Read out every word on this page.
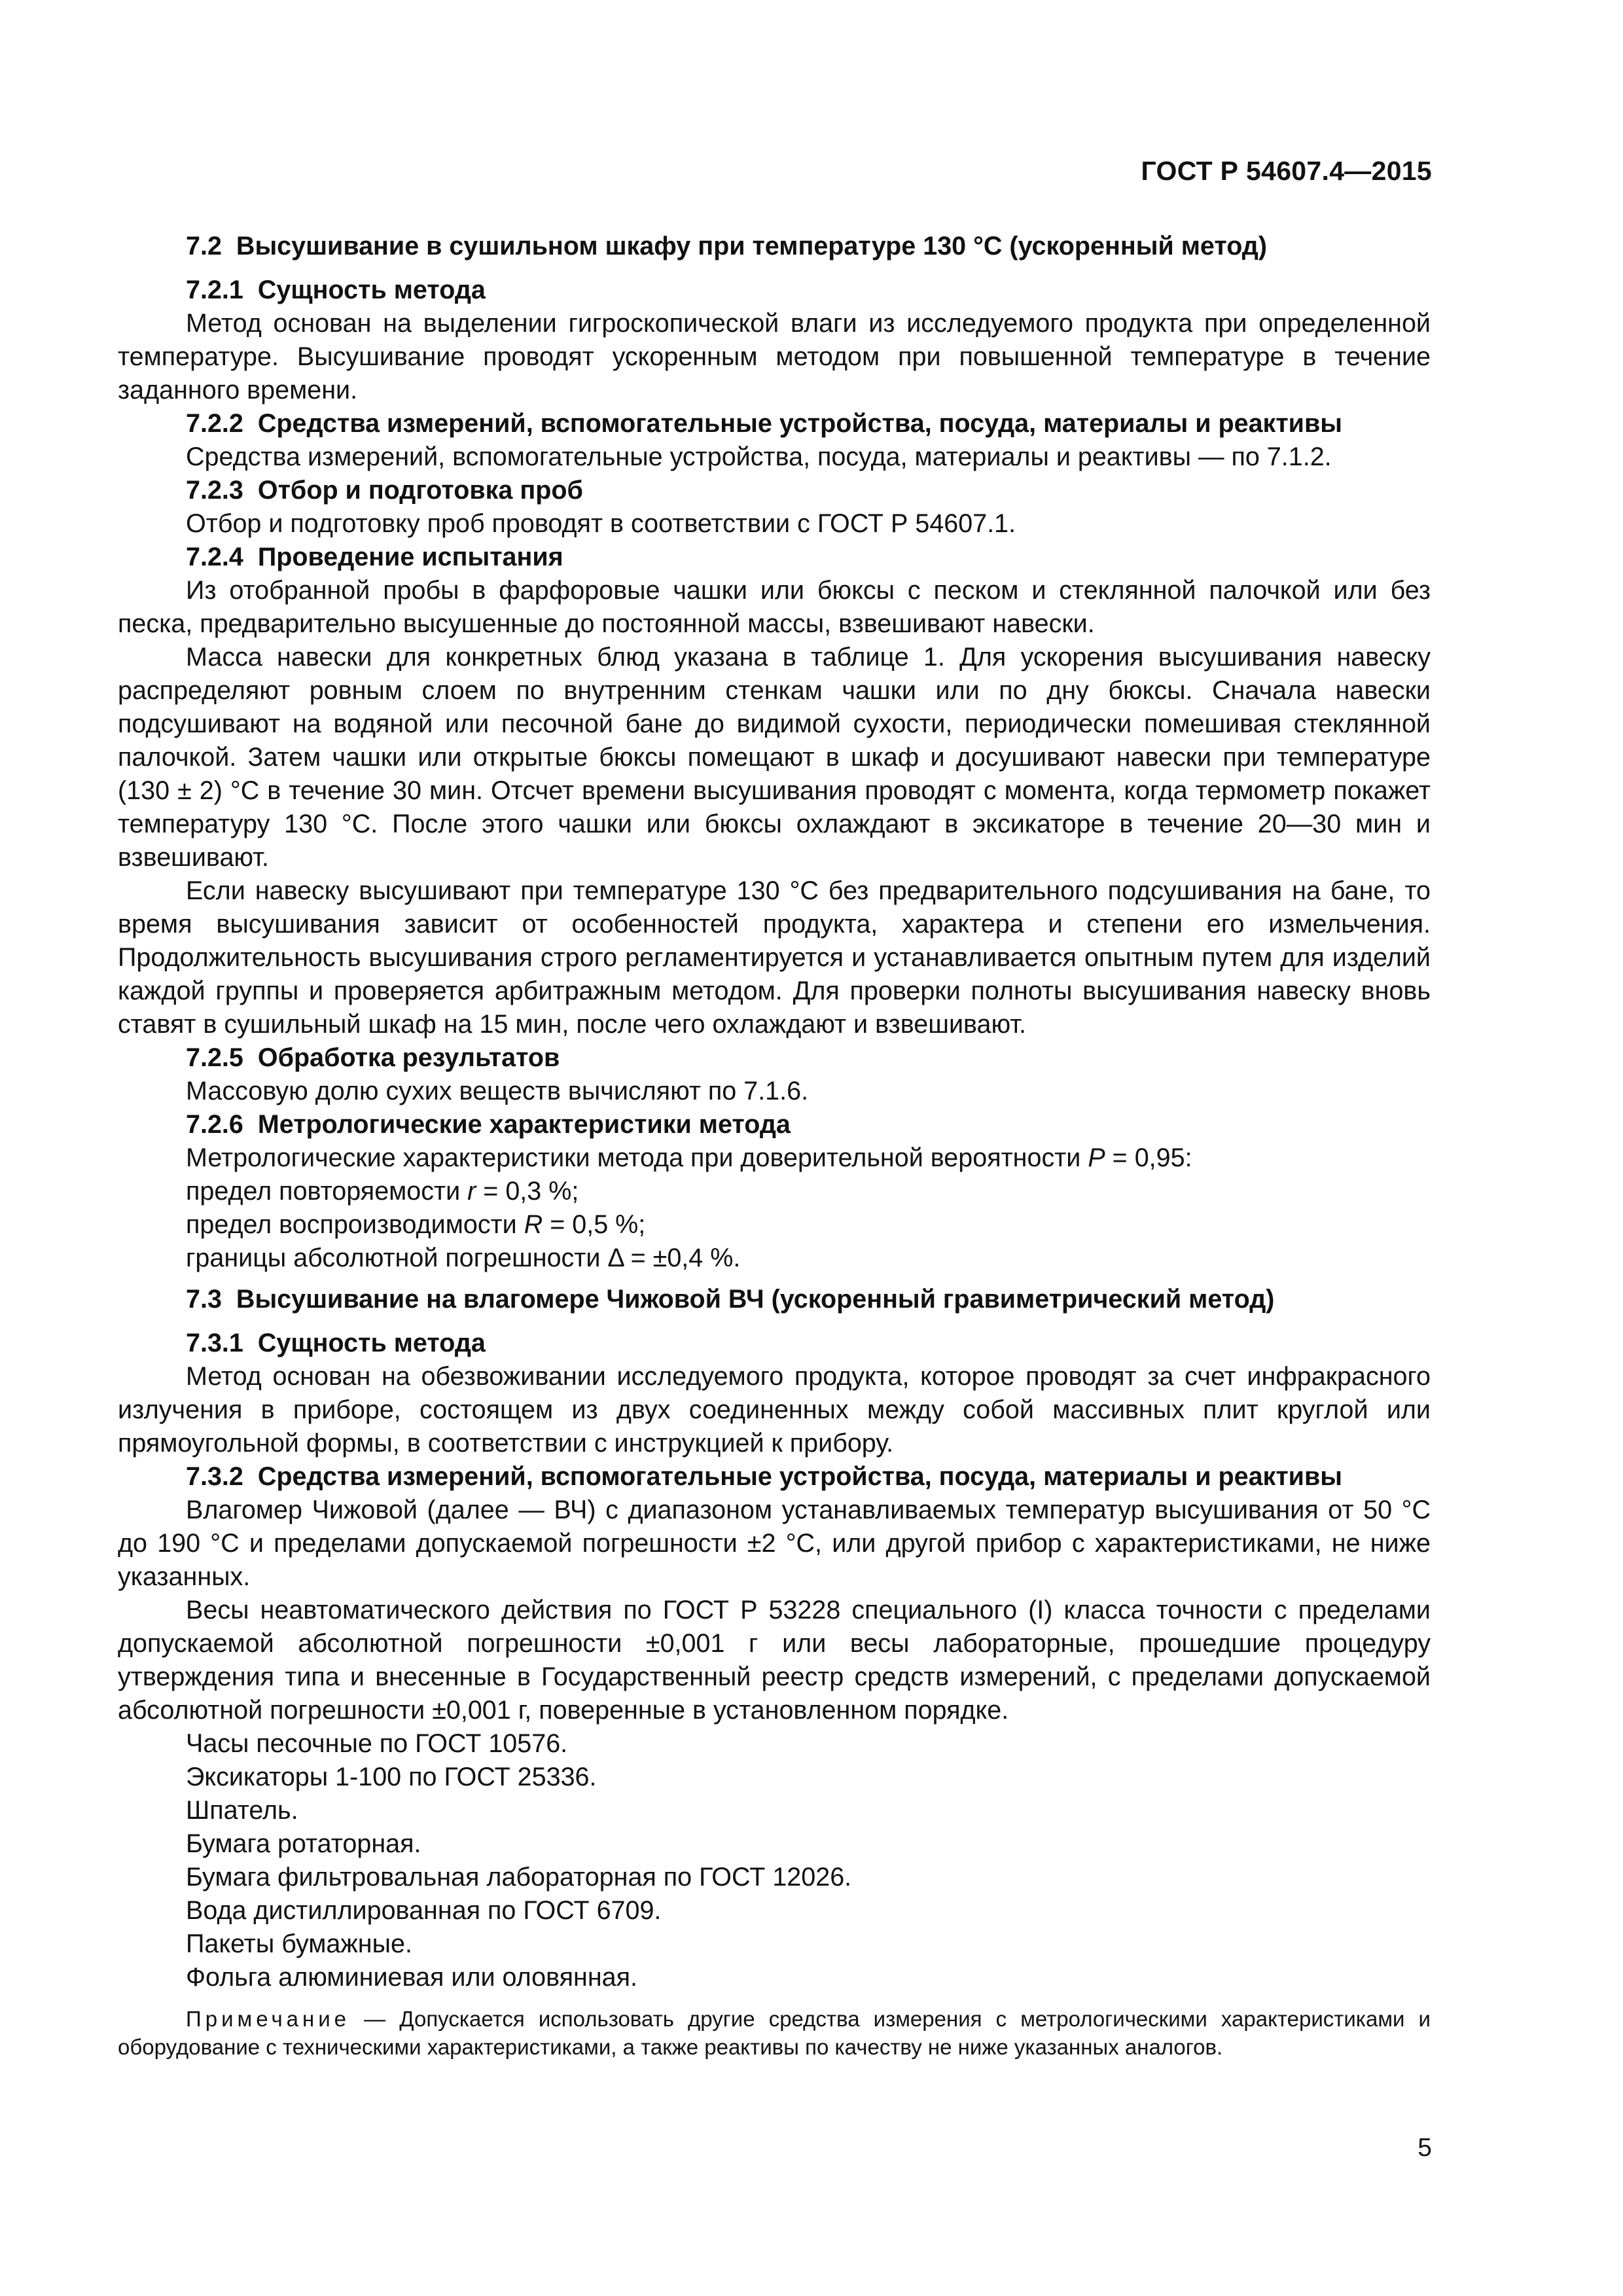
ГОСТ Р 54607.4—2015
7.2 Высушивание в сушильном шкафу при температуре 130 °С (ускоренный метод)
7.2.1 Сущность метода
Метод основан на выделении гигроскопической влаги из исследуемого продукта при определенной температуре. Высушивание проводят ускоренным методом при повышенной температуре в течение заданного времени.
7.2.2 Средства измерений, вспомогательные устройства, посуда, материалы и реактивы
Средства измерений, вспомогательные устройства, посуда, материалы и реактивы — по 7.1.2.
7.2.3 Отбор и подготовка проб
Отбор и подготовку проб проводят в соответствии с ГОСТ Р 54607.1.
7.2.4 Проведение испытания
Из отобранной пробы в фарфоровые чашки или бюксы с песком и стеклянной палочкой или без песка, предварительно высушенные до постоянной массы, взвешивают навески.
Масса навески для конкретных блюд указана в таблице 1. Для ускорения высушивания навеску распределяют ровным слоем по внутренним стенкам чашки или по дну бюксы. Сначала навески подсушивают на водяной или песочной бане до видимой сухости, периодически помешивая стеклянной палочкой. Затем чашки или открытые бюксы помещают в шкаф и досушивают навески при температуре (130 ± 2) °С в течение 30 мин. Отсчет времени высушивания проводят с момента, когда термометр покажет температуру 130 °С. После этого чашки или бюксы охлаждают в эксикаторе в течение 20—30 мин и взвешивают.
Если навеску высушивают при температуре 130 °С без предварительного подсушивания на бане, то время высушивания зависит от особенностей продукта, характера и степени его измельчения. Продолжительность высушивания строго регламентируется и устанавливается опытным путем для изделий каждой группы и проверяется арбитражным методом. Для проверки полноты высушивания навеску вновь ставят в сушильный шкаф на 15 мин, после чего охлаждают и взвешивают.
7.2.5 Обработка результатов
Массовую долю сухих веществ вычисляют по 7.1.6.
7.2.6 Метрологические характеристики метода
Метрологические характеристики метода при доверительной вероятности P = 0,95:
предел повторяемости r = 0,3 %;
предел воспроизводимости R = 0,5 %;
границы абсолютной погрешности Δ = ±0,4 %.
7.3 Высушивание на влагомере Чижовой ВЧ (ускоренный гравиметрический метод)
7.3.1 Сущность метода
Метод основан на обезвоживании исследуемого продукта, которое проводят за счет инфракрасного излучения в приборе, состоящем из двух соединенных между собой массивных плит круглой или прямоугольной формы, в соответствии с инструкцией к прибору.
7.3.2 Средства измерений, вспомогательные устройства, посуда, материалы и реактивы
Влагомер Чижовой (далее — ВЧ) с диапазоном устанавливаемых температур высушивания от 50 °С до 190 °С и пределами допускаемой погрешности ±2 °С, или другой прибор с характеристиками, не ниже указанных.
Весы неавтоматического действия по ГОСТ Р 53228 специального (I) класса точности с пределами допускаемой абсолютной погрешности ±0,001 г или весы лабораторные, прошедшие процедуру утверждения типа и внесенные в Государственный реестр средств измерений, с пределами допускаемой абсолютной погрешности ±0,001 г, поверенные в установленном порядке.
Часы песочные по ГОСТ 10576.
Эксикаторы 1-100 по ГОСТ 25336.
Шпатель.
Бумага ротаторная.
Бумага фильтровальная лабораторная по ГОСТ 12026.
Вода дистиллированная по ГОСТ 6709.
Пакеты бумажные.
Фольга алюминиевая или оловянная.
Примечание — Допускается использовать другие средства измерения с метрологическими характеристиками и оборудование с техническими характеристиками, а также реактивы по качеству не ниже указанных аналогов.
5
